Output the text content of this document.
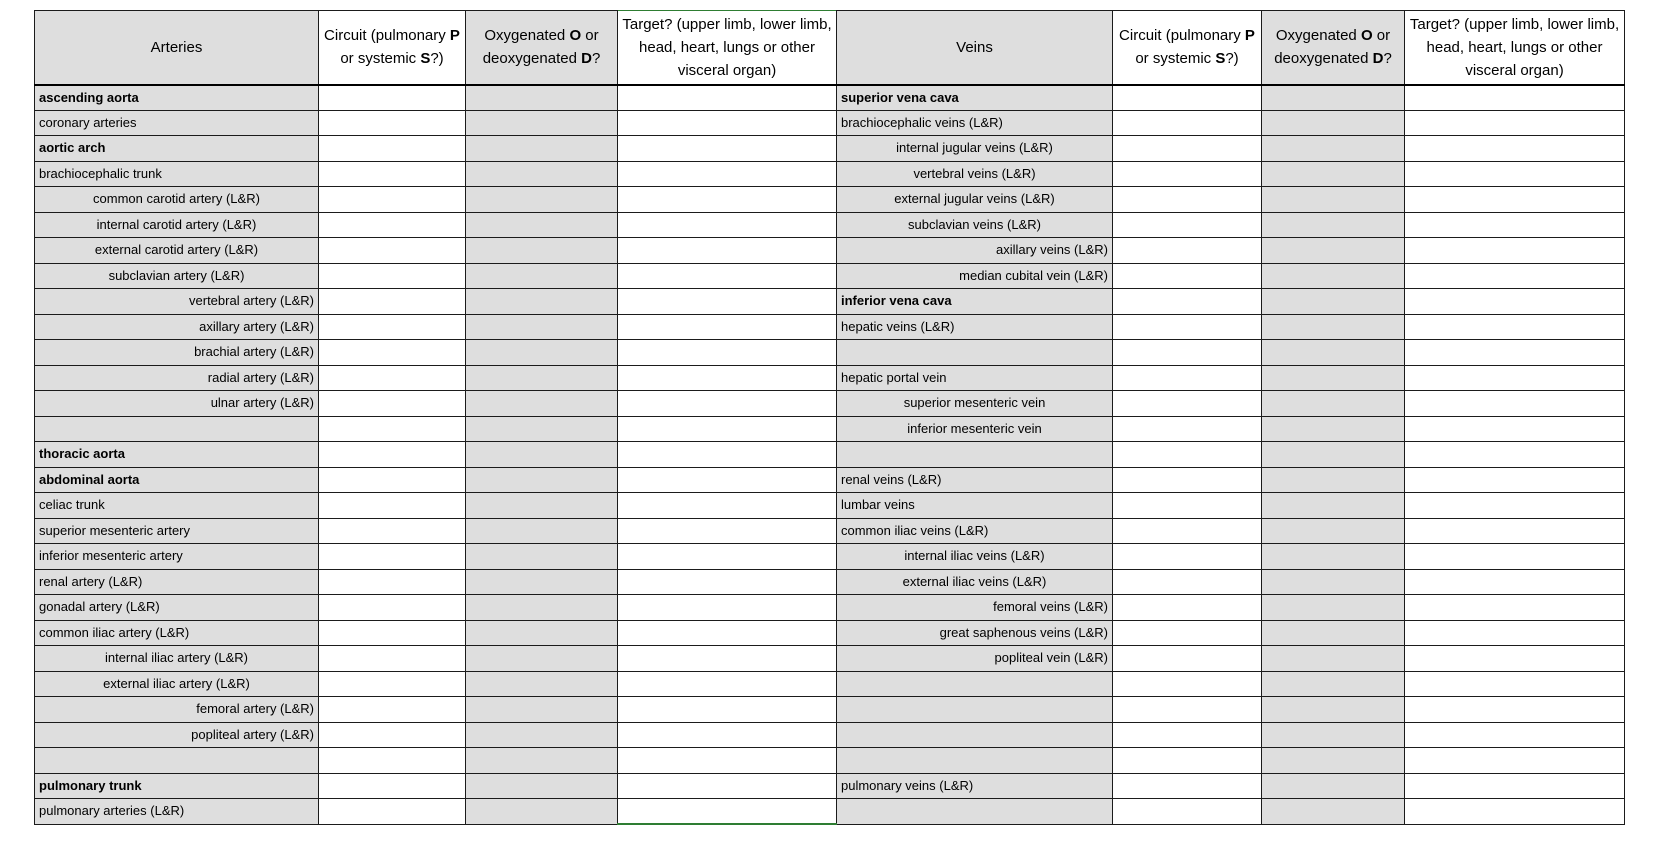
Arteries	Circuit (pulmonary P or systemic S?)	Oxygenated O or deoxygenated D?	Target? (upper limb, lower limb, head, heart, lungs or other visceral organ)	Veins	Circuit (pulmonary P or systemic S?)	Oxygenated O or deoxygenated D?	Target? (upper limb, lower limb, head, heart, lungs or other visceral organ)
ascending aorta				superior vena cava			
coronary arteries				brachiocephalic veins (L&R)			
aortic arch				internal jugular veins (L&R)			
brachiocephalic trunk				vertebral veins (L&R)			
common carotid artery (L&R)				external jugular veins (L&R)			
internal carotid artery (L&R)				subclavian veins (L&R)			
external carotid artery (L&R)				axillary veins (L&R)			
subclavian artery (L&R)				median cubital vein (L&R)			
vertebral artery (L&R)				inferior vena cava			
axillary artery (L&R)				hepatic veins (L&R)			
brachial artery (L&R)							
radial artery (L&R)				hepatic portal vein			
ulnar artery (L&R)				superior mesenteric vein			
				inferior mesenteric vein			
thoracic aorta							
abdominal aorta				renal veins (L&R)			
celiac trunk				lumbar veins			
superior mesenteric artery				common iliac veins (L&R)			
inferior mesenteric artery				internal iliac veins (L&R)			
renal artery (L&R)				external iliac veins (L&R)			
gonadal artery (L&R)				femoral veins (L&R)			
common iliac artery (L&R)				great saphenous veins (L&R)			
internal iliac artery (L&R)				popliteal vein (L&R)			
external iliac artery (L&R)							
femoral artery (L&R)							
popliteal artery (L&R)							

pulmonary trunk				pulmonary veins (L&R)			
pulmonary arteries (L&R)							
